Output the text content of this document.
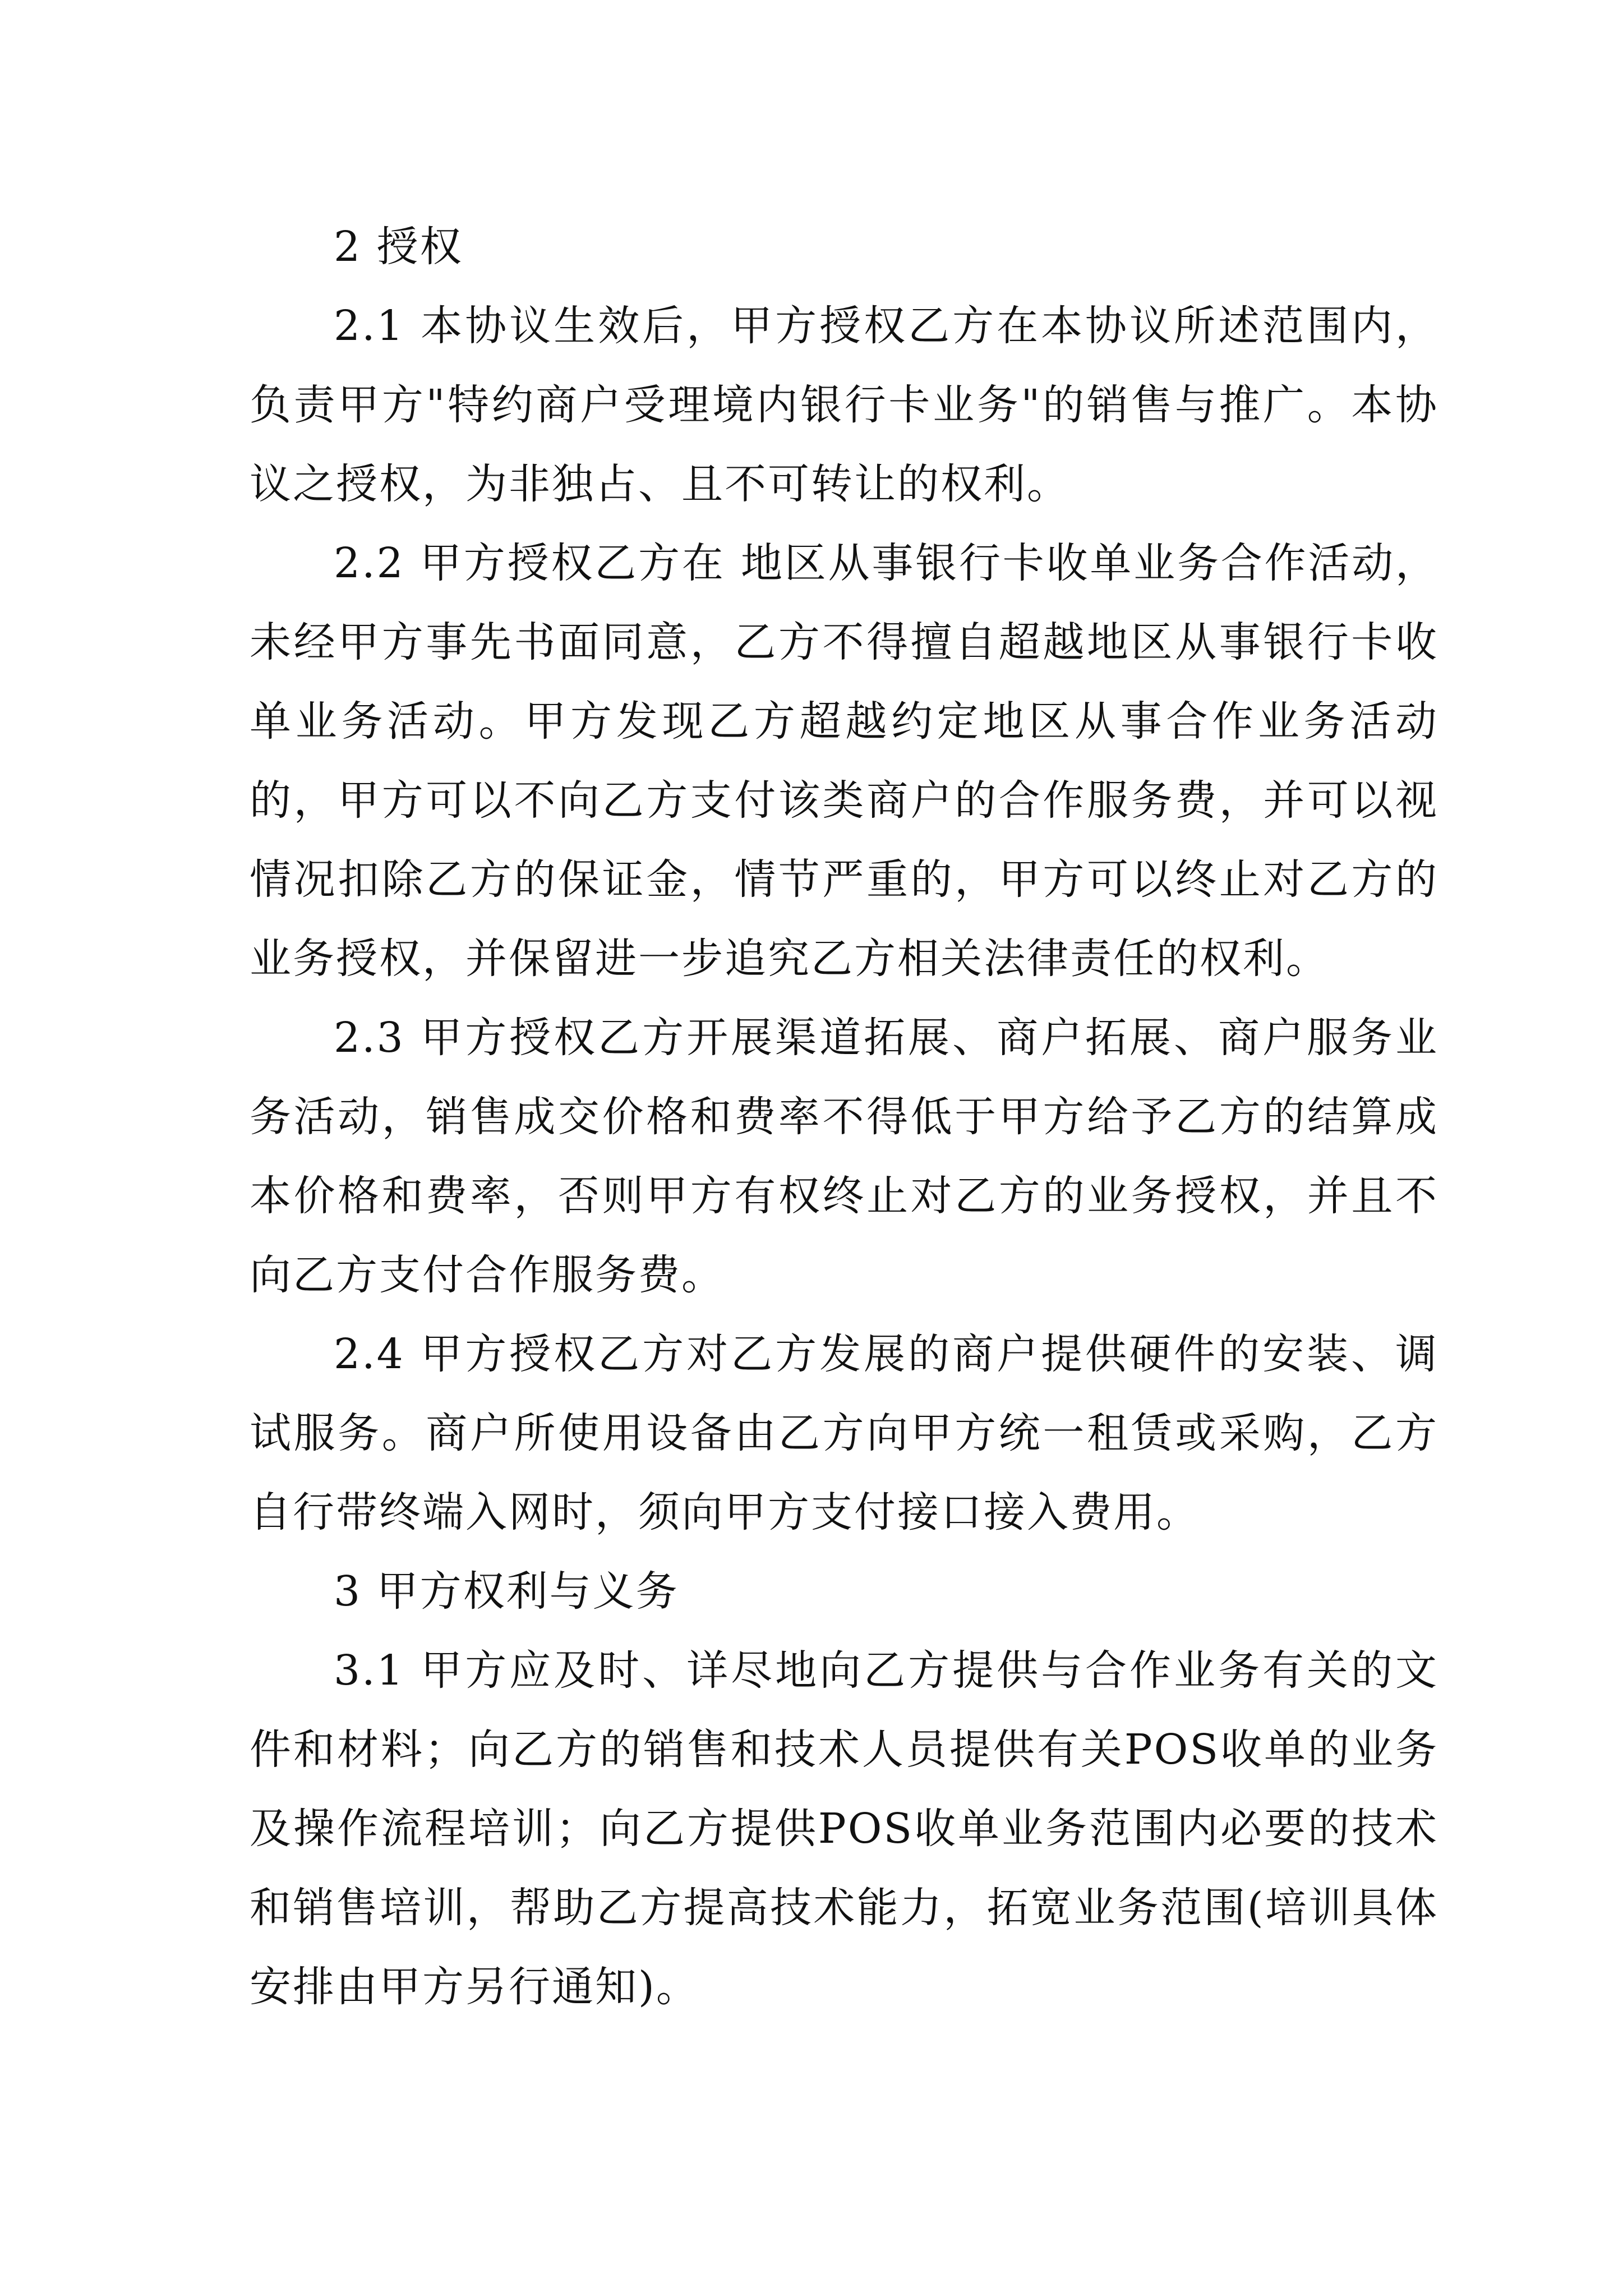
2 授权

2.1 本协议生效后，甲方授权乙方在本协议所述范围内，负责甲方"特约商户受理境内银行卡业务"的销售与推广。本协议之授权，为非独占、且不可转让的权利。

2.2 甲方授权乙方在 地区从事银行卡收单业务合作活动，未经甲方事先书面同意，乙方不得擅自超越地区从事银行卡收单业务活动。甲方发现乙方超越约定地区从事合作业务活动的，甲方可以不向乙方支付该类商户的合作服务费，并可以视情况扣除乙方的保证金，情节严重的，甲方可以终止对乙方的业务授权，并保留进一步追究乙方相关法律责任的权利。

2.3 甲方授权乙方开展渠道拓展、商户拓展、商户服务业务活动，销售成交价格和费率不得低于甲方给予乙方的结算成本价格和费率，否则甲方有权终止对乙方的业务授权，并且不向乙方支付合作服务费。

2.4 甲方授权乙方对乙方发展的商户提供硬件的安装、调试服务。商户所使用设备由乙方向甲方统一租赁或采购，乙方自行带终端入网时，须向甲方支付接口接入费用。

3 甲方权利与义务

3.1 甲方应及时、详尽地向乙方提供与合作业务有关的文件和材料；向乙方的销售和技术人员提供有关POS收单的业务及操作流程培训；向乙方提供POS收单业务范围内必要的技术和销售培训，帮助乙方提高技术能力，拓宽业务范围(培训具体安排由甲方另行通知)。
